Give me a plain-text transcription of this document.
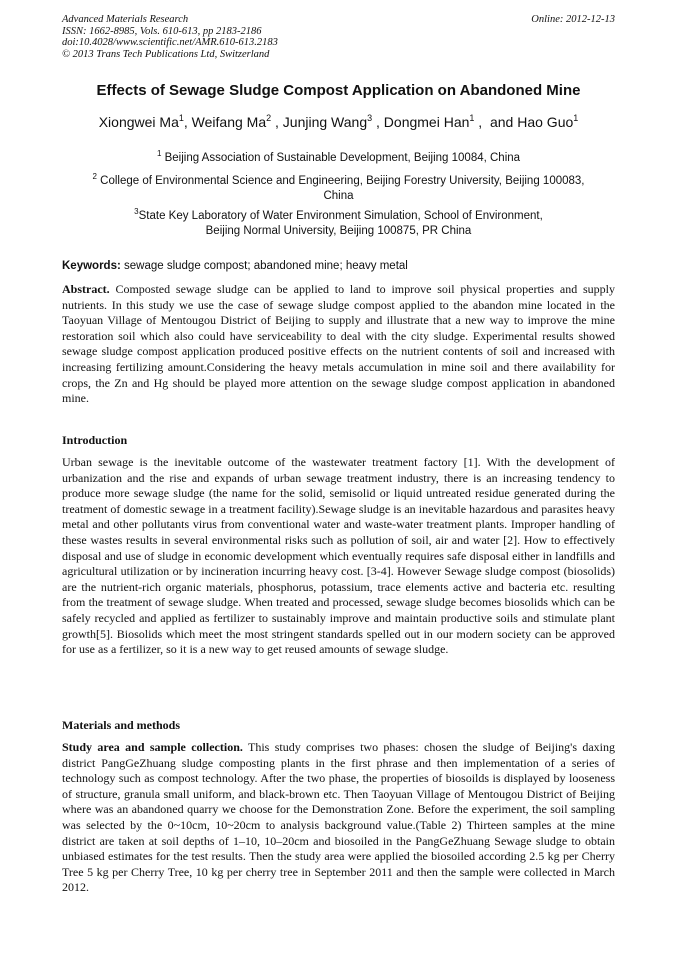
Advanced Materials Research
ISSN: 1662-8985, Vols. 610-613, pp 2183-2186
doi:10.4028/www.scientific.net/AMR.610-613.2183
© 2013 Trans Tech Publications Ltd, Switzerland
Online: 2012-12-13
Effects of Sewage Sludge Compost Application on Abandoned Mine
Xiongwei Ma$^1$, Weifang Ma$^2$ , Junjing Wang$^3$ , Dongmei Han$^1$ ,  and Hao Guo$^1$
$^1$ Beijing Association of Sustainable Development, Beijing 10084, China
$^2$ College of Environmental Science and Engineering, Beijing Forestry University, Beijing 100083,
China
$^3$State Key Laboratory of Water Environment Simulation, School of Environment,
Beijing Normal University, Beijing 100875, PR China
Keywords: sewage sludge compost; abandoned mine; heavy metal

Abstract. Composted sewage sludge can be applied to land to improve soil physical properties and supply nutrients. In this study we use the case of sewage sludge compost applied to the abandon mine located in the Taoyuan Village of Mentougou District of Beijing to supply and illustrate that a new way to improve the mine restoration soil which also could have serviceability to deal with the city sludge. Experimental results showed sewage sludge compost application produced positive effects on the nutrient contents of soil and increased with increasing fertilizing amount.Considering the heavy metals accumulation in mine soil and there availability for crops, the Zn and Hg should be played more attention on the sewage sludge compost application in abandoned mine.

Introduction

Urban sewage is the inevitable outcome of the wastewater treatment factory [1]. With the development of urbanization and the rise and expands of urban sewage treatment industry, there is an increasing tendency to produce more sewage sludge (the name for the solid, semisolid or liquid untreated residue generated during the treatment of domestic sewage in a treatment facility).Sewage sludge is an inevitable hazardous and parasites heavy metal and other pollutants virus from conventional water and waste-water treatment plants. Improper handling of these wastes results in several environmental risks such as pollution of soil, air and water [2]. How to effectively disposal and use of sludge in economic development which eventually requires safe disposal either in landfills and agricultural utilization or by incineration incurring heavy cost. [3-4]. However Sewage sludge compost (biosolids) are the nutrient-rich organic materials, phosphorus, potassium, trace elements active and bacteria etc. resulting from the treatment of sewage sludge. When treated and processed, sewage sludge becomes biosolids which can be safely recycled and applied as fertilizer to sustainably improve and maintain productive soils and stimulate plant growth[5]. Biosolids which meet the most stringent standards spelled out in our modern society can be approved for use as a fertilizer, so it is a new way to get reused amounts of sewage sludge.

Materials and methods

Study area and sample collection. This study comprises two phases: chosen the sludge of Beijing's daxing district PangGeZhuang sludge composting plants in the first phrase and then implementation of a series of technology such as compost technology. After the two phase, the properties of biosoilds is displayed by looseness of structure, granula small uniform, and black-brown etc. Then Taoyuan Village of Mentougou District of Beijing where was an abandoned quarry we choose for the Demonstration Zone. Before the experiment, the soil sampling was selected by the 0~10cm, 10~20cm to analysis background value.(Table 2) Thirteen samples at the mine district are taken at soil depths of 1–10, 10–20cm and biosoiled in the PangGeZhuang Sewage sludge to obtain unbiased estimates for the test results. Then the study area were applied the biosoiled according 2.5 kg per Cherry Tree 5 kg per Cherry Tree, 10 kg per cherry tree in September 2011 and then the sample were collected in March 2012.
